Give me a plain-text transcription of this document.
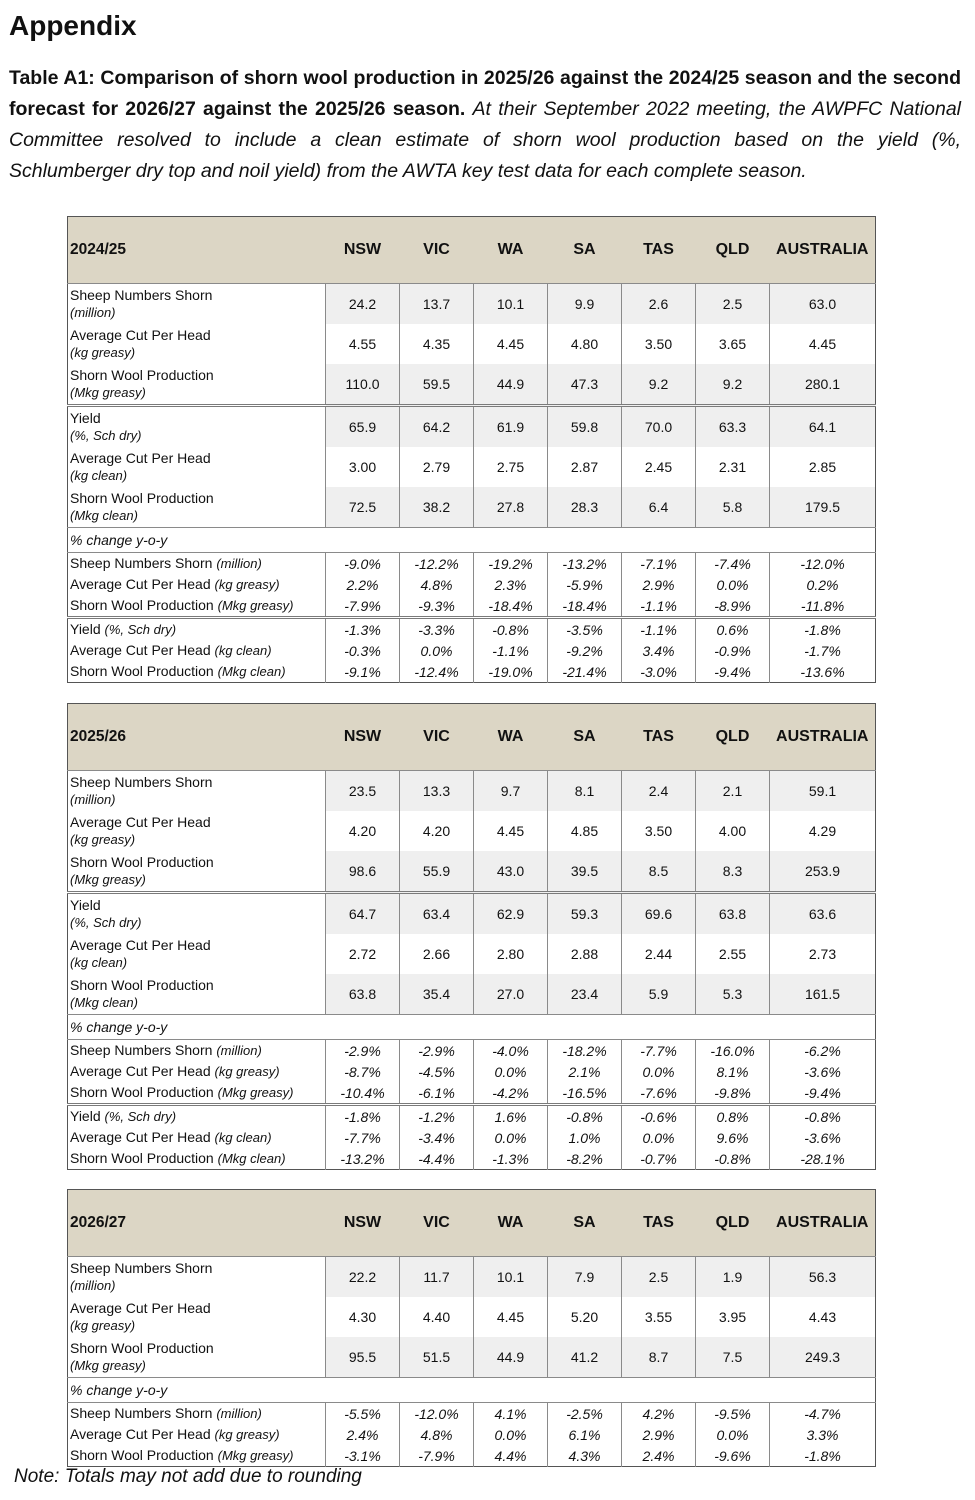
Appendix
Table A1: Comparison of shorn wool production in 2025/26 against the 2024/25 season and the second forecast for 2026/27 against the 2025/26 season. At their September 2022 meeting, the AWPFC National Committee resolved to include a clean estimate of shorn wool production based on the yield (%, Schlumberger dry top and noil yield) from the AWTA key test data for each complete season.
2024/25	NSW	VIC	WA	SA	TAS	QLD	AUSTRALIA

Sheep Numbers Shorn
(million)	24.2	13.7	10.1	9.9	2.6	2.5	63.0

Average Cut Per Head
(kg greasy)	4.55	4.35	4.45	4.80	3.50	3.65	4.45

Shorn Wool Production
(Mkg greasy)	110.0	59.5	44.9	47.3	9.2	9.2	280.1

Yield
(%, Sch dry)	65.9	64.2	61.9	59.8	70.0	63.3	64.1

Average Cut Per Head
(kg clean)	3.00	2.79	2.75	2.87	2.45	2.31	2.85

Shorn Wool Production
(Mkg clean)	72.5	38.2	27.8	28.3	6.4	5.8	179.5
% change y-o-y							
Sheep Numbers Shorn (million)	-9.0%	-12.2%	-19.2%	-13.2%	-7.1%	-7.4%	-12.0%
Average Cut Per Head (kg greasy)	2.2%	4.8%	2.3%	-5.9%	2.9%	0.0%	0.2%
Shorn Wool Production (Mkg greasy)	-7.9%	-9.3%	-18.4%	-18.4%	-1.1%	-8.9%	-11.8%
Yield (%, Sch dry)	-1.3%	-3.3%	-0.8%	-3.5%	-1.1%	0.6%	-1.8%
Average Cut Per Head (kg clean)	-0.3%	0.0%	-1.1%	-9.2%	3.4%	-0.9%	-1.7%
Shorn Wool Production (Mkg clean)	-9.1%	-12.4%	-19.0%	-21.4%	-3.0%	-9.4%	-13.6%
2025/26	NSW	VIC	WA	SA	TAS	QLD	AUSTRALIA

Sheep Numbers Shorn
(million)	23.5	13.3	9.7	8.1	2.4	2.1	59.1

Average Cut Per Head
(kg greasy)	4.20	4.20	4.45	4.85	3.50	4.00	4.29

Shorn Wool Production
(Mkg greasy)	98.6	55.9	43.0	39.5	8.5	8.3	253.9

Yield
(%, Sch dry)	64.7	63.4	62.9	59.3	69.6	63.8	63.6

Average Cut Per Head
(kg clean)	2.72	2.66	2.80	2.88	2.44	2.55	2.73

Shorn Wool Production
(Mkg clean)	63.8	35.4	27.0	23.4	5.9	5.3	161.5
% change y-o-y							
Sheep Numbers Shorn (million)	-2.9%	-2.9%	-4.0%	-18.2%	-7.7%	-16.0%	-6.2%
Average Cut Per Head (kg greasy)	-8.7%	-4.5%	0.0%	2.1%	0.0%	8.1%	-3.6%
Shorn Wool Production (Mkg greasy)	-10.4%	-6.1%	-4.2%	-16.5%	-7.6%	-9.8%	-9.4%
Yield (%, Sch dry)	-1.8%	-1.2%	1.6%	-0.8%	-0.6%	0.8%	-0.8%
Average Cut Per Head (kg clean)	-7.7%	-3.4%	0.0%	1.0%	0.0%	9.6%	-3.6%
Shorn Wool Production (Mkg clean)	-13.2%	-4.4%	-1.3%	-8.2%	-0.7%	-0.8%	-28.1%
2026/27	NSW	VIC	WA	SA	TAS	QLD	AUSTRALIA

Sheep Numbers Shorn
(million)	22.2	11.7	10.1	7.9	2.5	1.9	56.3

Average Cut Per Head
(kg greasy)	4.30	4.40	4.45	5.20	3.55	3.95	4.43

Shorn Wool Production
(Mkg greasy)	95.5	51.5	44.9	41.2	8.7	7.5	249.3
% change y-o-y							
Sheep Numbers Shorn (million)	-5.5%	-12.0%	4.1%	-2.5%	4.2%	-9.5%	-4.7%
Average Cut Per Head (kg greasy)	2.4%	4.8%	0.0%	6.1%	2.9%	0.0%	3.3%
Shorn Wool Production (Mkg greasy)	-3.1%	-7.9%	4.4%	4.3%	2.4%	-9.6%	-1.8%
Note: Totals may not add due to rounding
